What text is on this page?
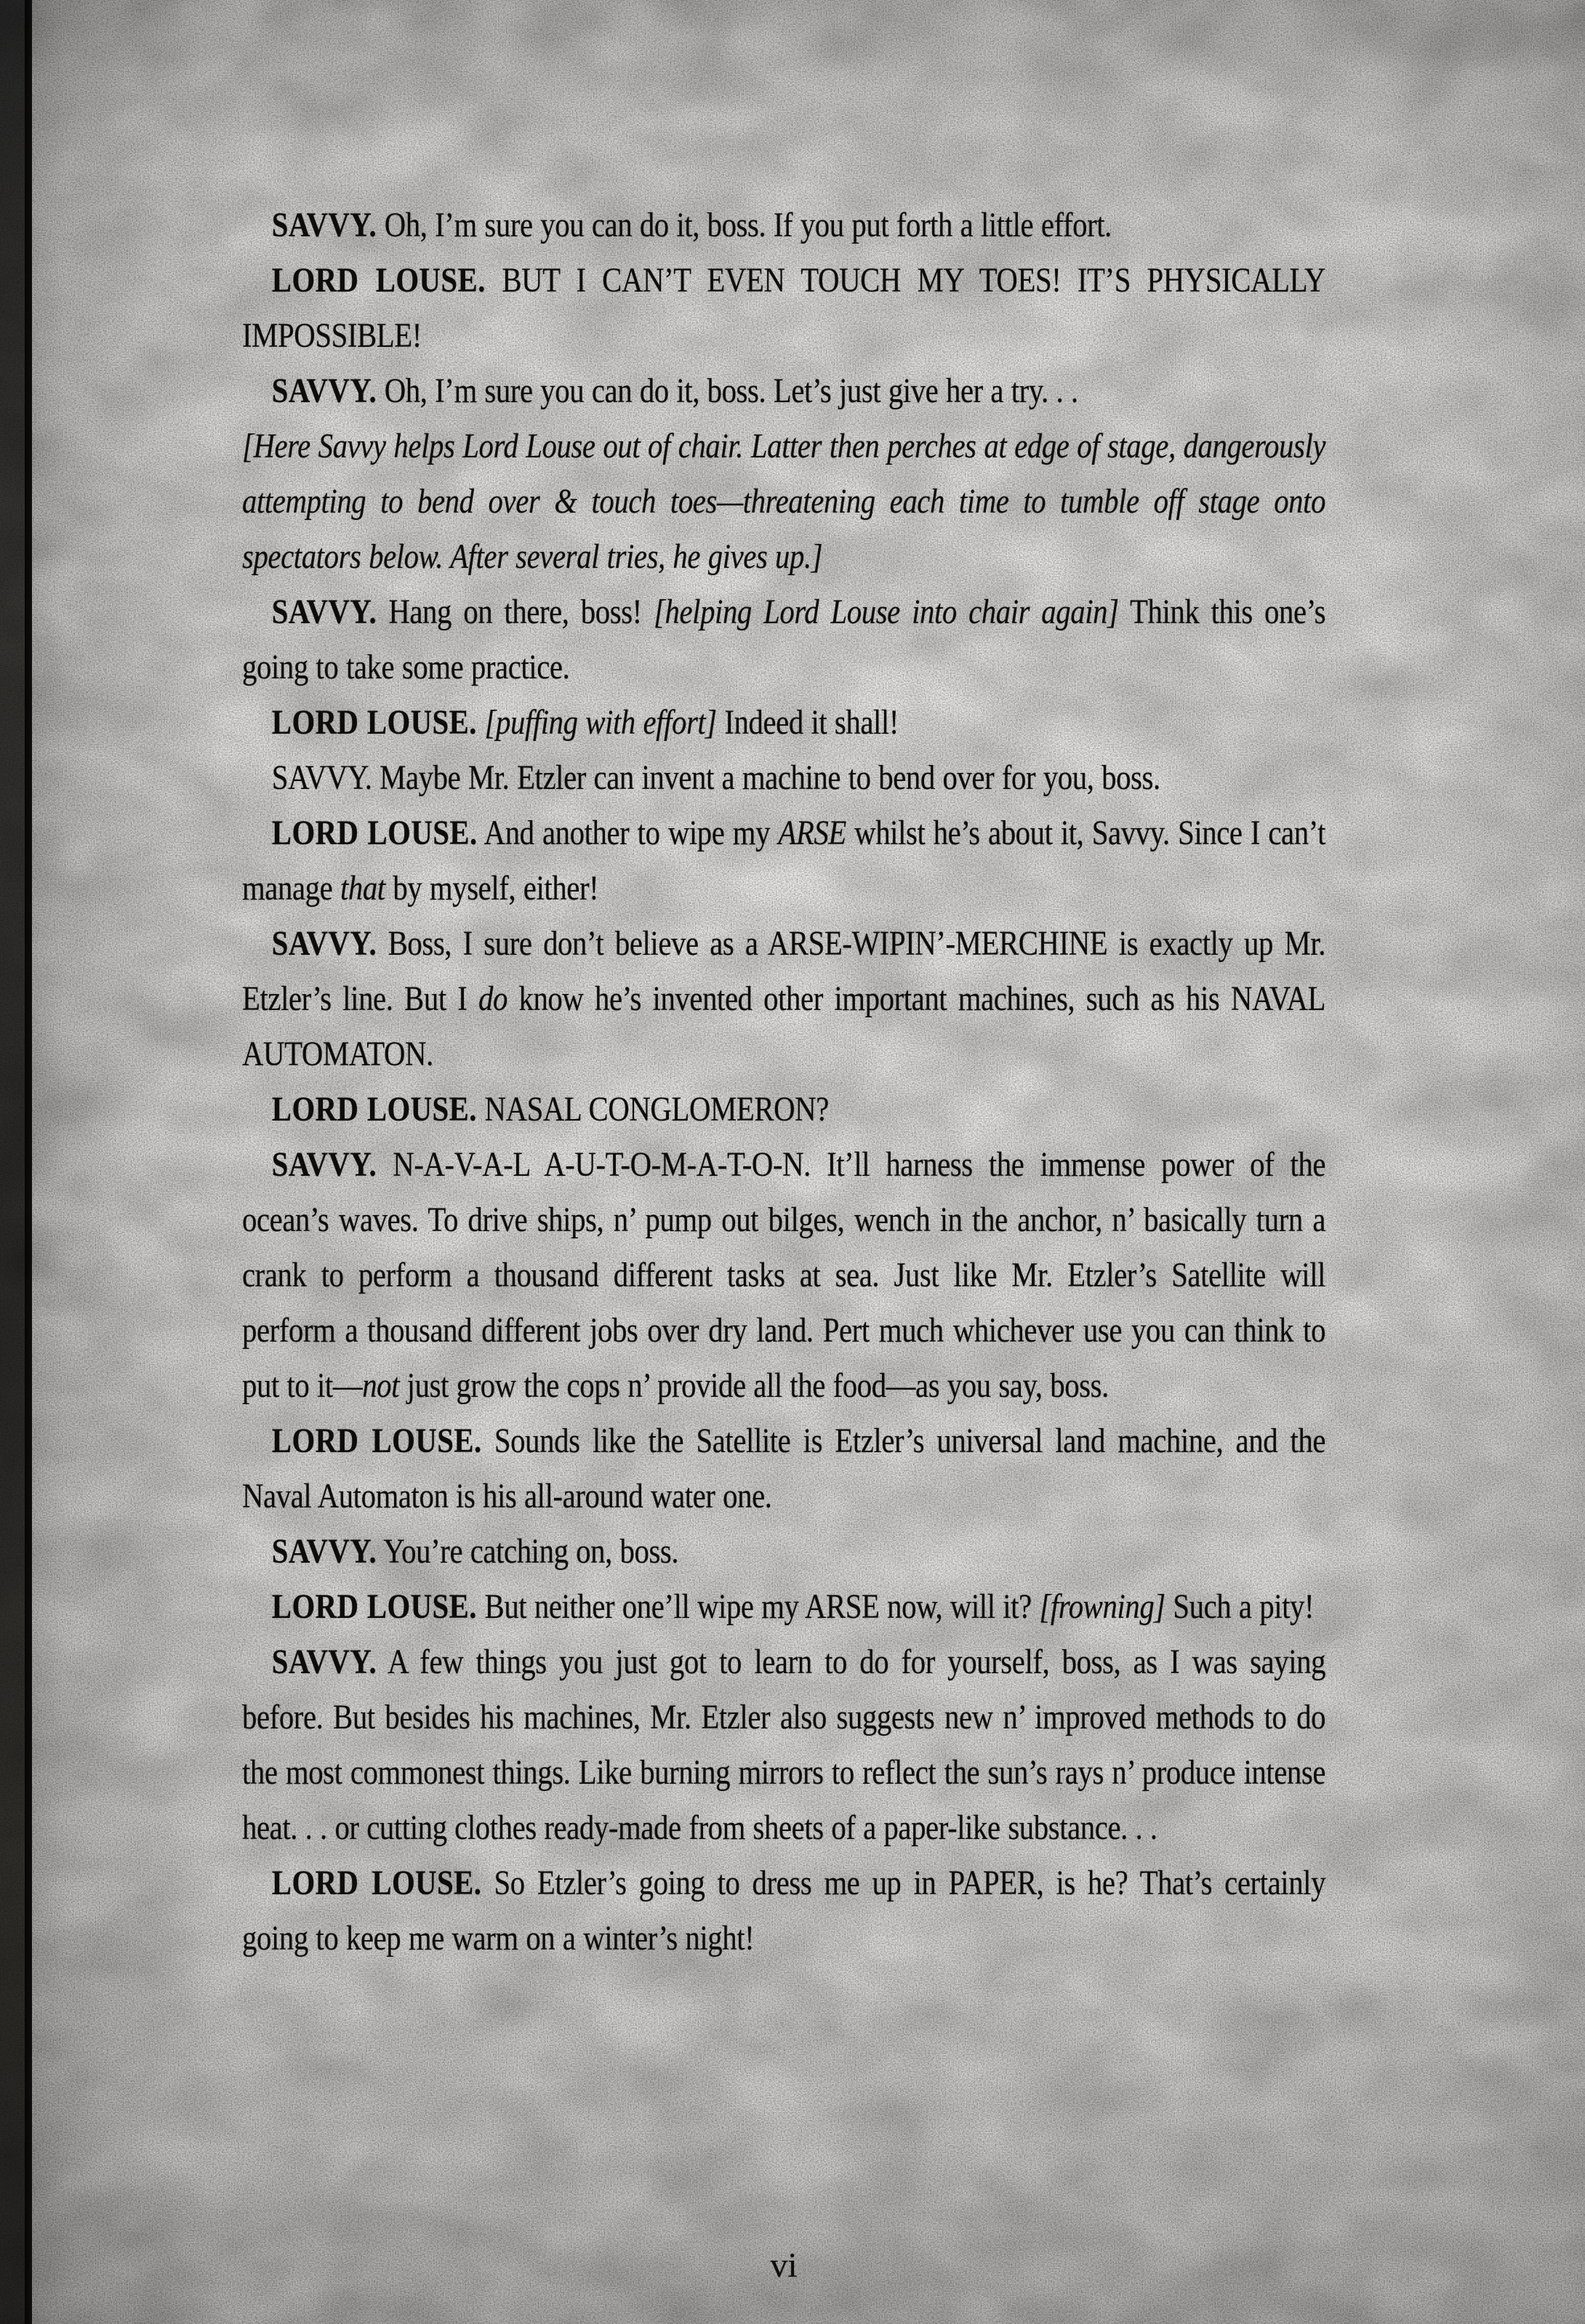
SAVVY. Oh, I’m sure you can do it, boss. If you put forth a little effort.

LORD LOUSE. BUT I CAN’T EVEN TOUCH MY TOES! IT’S PHYSICALLY IMPOSSIBLE!

SAVVY. Oh, I’m sure you can do it, boss. Let’s just give her a try. . .

[Here Savvy helps Lord Louse out of chair. Latter then perches at edge of stage, dangerously attempting to bend over & touch toes—threatening each time to tumble off stage onto spectators below. After several tries, he gives up.]

SAVVY. Hang on there, boss! [helping Lord Louse into chair again] Think this one’s going to take some practice.

LORD LOUSE. [puffing with effort] Indeed it shall!

SAVVY. Maybe Mr. Etzler can invent a machine to bend over for you, boss.

LORD LOUSE. And another to wipe my ARSE whilst he’s about it, Savvy. Since I can’t manage that by myself, either!

SAVVY. Boss, I sure don’t believe as a ARSE-WIPIN’-MERCHINE is exactly up Mr. Etzler’s line. But I do know he’s invented other important machines, such as his NAVAL AUTOMATON.

LORD LOUSE. NASAL CONGLOMERON?

SAVVY. N-A-V-A-L A-U-T-O-M-A-T-O-N. It’ll harness the immense power of the ocean’s waves. To drive ships, n’ pump out bilges, wench in the anchor, n’ basically turn a crank to perform a thousand different tasks at sea. Just like Mr. Etzler’s Satellite will perform a thousand different jobs over dry land. Pert much whichever use you can think to put to it—not just grow the cops n’ provide all the food—as you say, boss.

LORD LOUSE. Sounds like the Satellite is Etzler’s universal land machine, and the Naval Automaton is his all-around water one.

SAVVY. You’re catching on, boss.

LORD LOUSE. But neither one’ll wipe my ARSE now, will it? [frowning] Such a pity!

SAVVY. A few things you just got to learn to do for yourself, boss, as I was saying before. But besides his machines, Mr. Etzler also suggests new n’ improved methods to do the most commonest things. Like burning mirrors to reflect the sun’s rays n’ produce intense heat. . . or cutting clothes ready-made from sheets of a paper-like substance. . .

LORD LOUSE. So Etzler’s going to dress me up in PAPER, is he? That’s certainly going to keep me warm on a winter’s night!

vi
